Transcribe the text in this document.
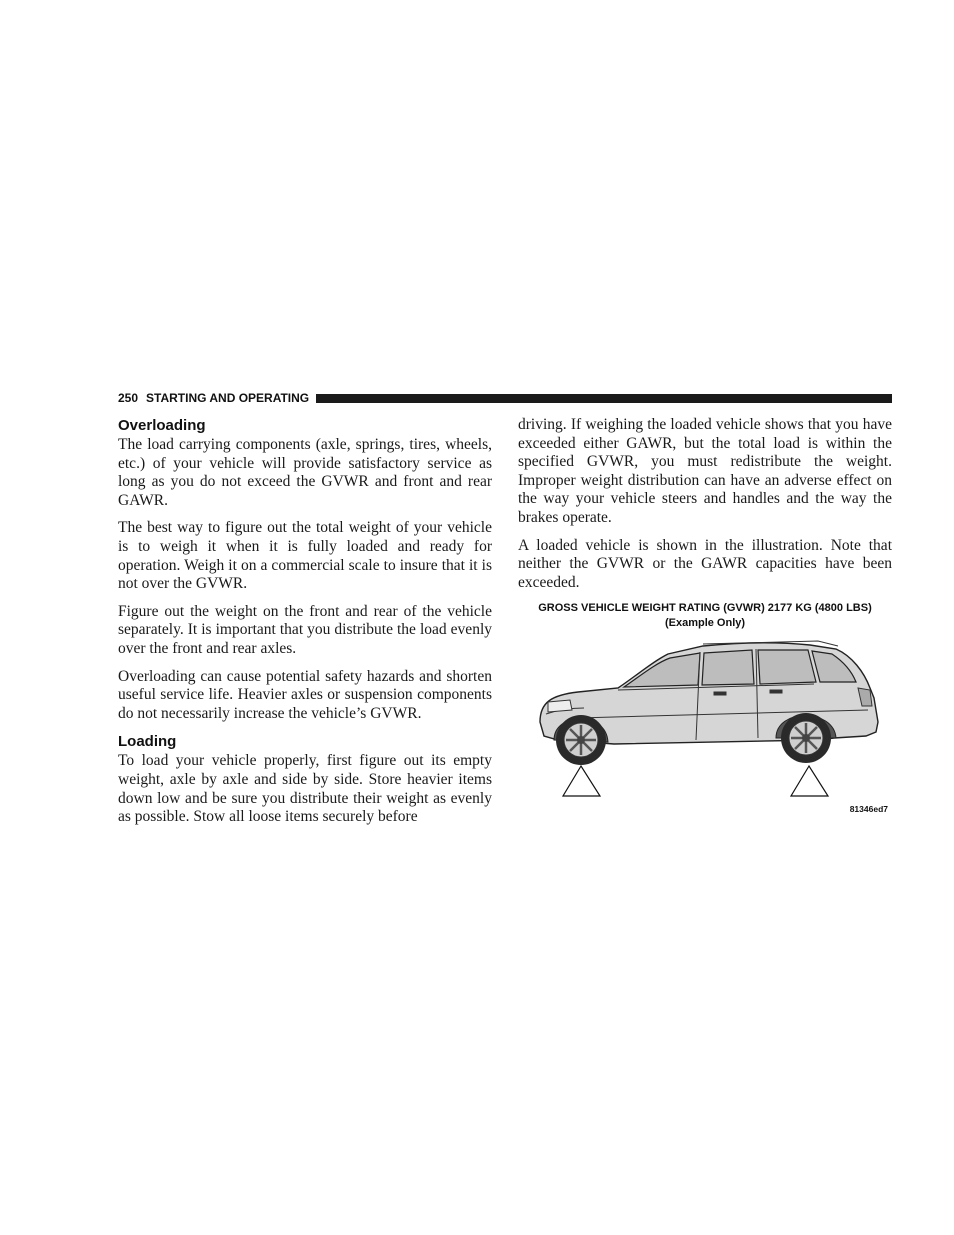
250 STARTING AND OPERATING
Overloading

The load carrying components (axle, springs, tires, wheels, etc.) of your vehicle will provide satisfactory service as long as you do not exceed the GVWR and front and rear GAWR.

The best way to figure out the total weight of your vehicle is to weigh it when it is fully loaded and ready for operation. Weigh it on a commercial scale to insure that it is not over the GVWR.

Figure out the weight on the front and rear of the vehicle separately. It is important that you distribute the load evenly over the front and rear axles.

Overloading can cause potential safety hazards and shorten useful service life. Heavier axles or suspension components do not necessarily increase the vehicle’s GVWR.

Loading

To load your vehicle properly, first figure out its empty weight, axle by axle and side by side. Store heavier items down low and be sure you distribute their weight as evenly as possible. Stow all loose items securely before

driving. If weighing the loaded vehicle shows that you have exceeded either GAWR, but the total load is within the specified GVWR, you must redistribute the weight. Improper weight distribution can have an adverse effect on the way your vehicle steers and handles and the way the brakes operate.

A loaded vehicle is shown in the illustration. Note that neither the GVWR or the GAWR capacities have been exceeded.

GROSS VEHICLE WEIGHT RATING (GVWR) 2177 KG (4800 LBS)
(Example Only)
81346ed7
